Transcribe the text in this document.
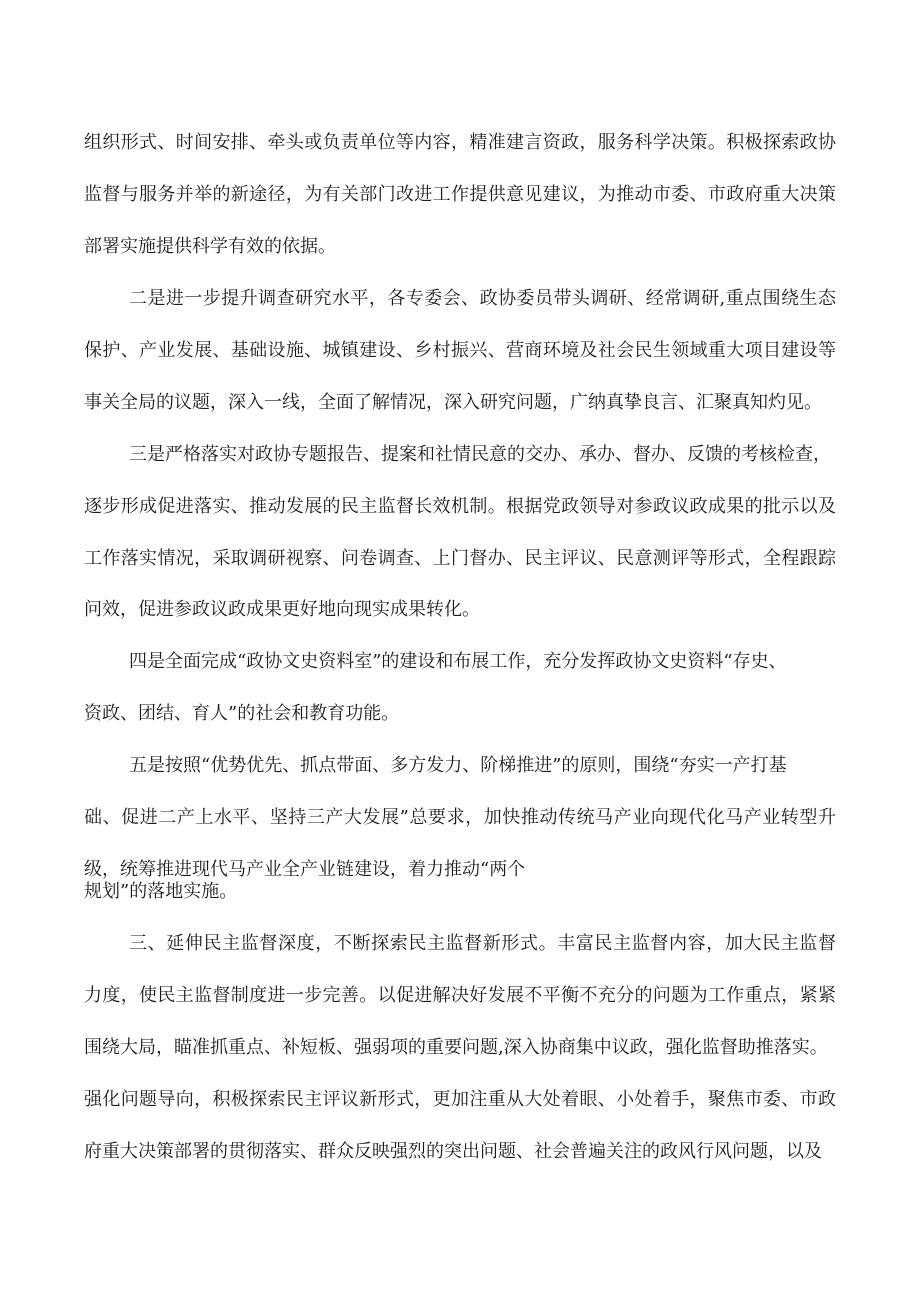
组织形式、时间安排、牵头或负责单位等内容，精准建言资政，服务科学决策。积极探索政协
监督与服务并举的新途径，为有关部门改进工作提供意见建议，为推动市委、市政府重大决策
部署实施提供科学有效的依据。
二是进一步提升调查研究水平，各专委会、政协委员带头调研、经常调研,重点围绕生态
保护、产业发展、基础设施、城镇建设、乡村振兴、营商环境及社会民生领域重大项目建设等
事关全局的议题，深入一线，全面了解情况，深入研究问题，广纳真挚良言、汇聚真知灼见。
三是严格落实对政协专题报告、提案和社情民意的交办、承办、督办、反馈的考核检查，
逐步形成促进落实、推动发展的民主监督长效机制。根据党政领导对参政议政成果的批示以及
工作落实情况，采取调研视察、问卷调查、上门督办、民主评议、民意测评等形式，全程跟踪
问效，促进参政议政成果更好地向现实成果转化。
四是全面完成“政协文史资料室”的建设和布展工作，充分发挥政协文史资料“存史、
资政、团结、育人”的社会和教育功能。
五是按照“优势优先、抓点带面、多方发力、阶梯推进”的原则，围绕“夯实一产打基
础、促进二产上水平、坚持三产大发展”总要求，加快推动传统马产业向现代化马产业转型升
级，统筹推进现代马产业全产业链建设，着力推动“两个
规划”的落地实施。
三、延伸民主监督深度，不断探索民主监督新形式。丰富民主监督内容，加大民主监督
力度，使民主监督制度进一步完善。以促进解决好发展不平衡不充分的问题为工作重点，紧紧
围绕大局，瞄准抓重点、补短板、强弱项的重要问题,深入协商集中议政，强化监督助推落实。
强化问题导向，积极探索民主评议新形式，更加注重从大处着眼、小处着手，聚焦市委、市政
府重大决策部署的贯彻落实、群众反映强烈的突出问题、社会普遍关注的政风行风问题，以及
